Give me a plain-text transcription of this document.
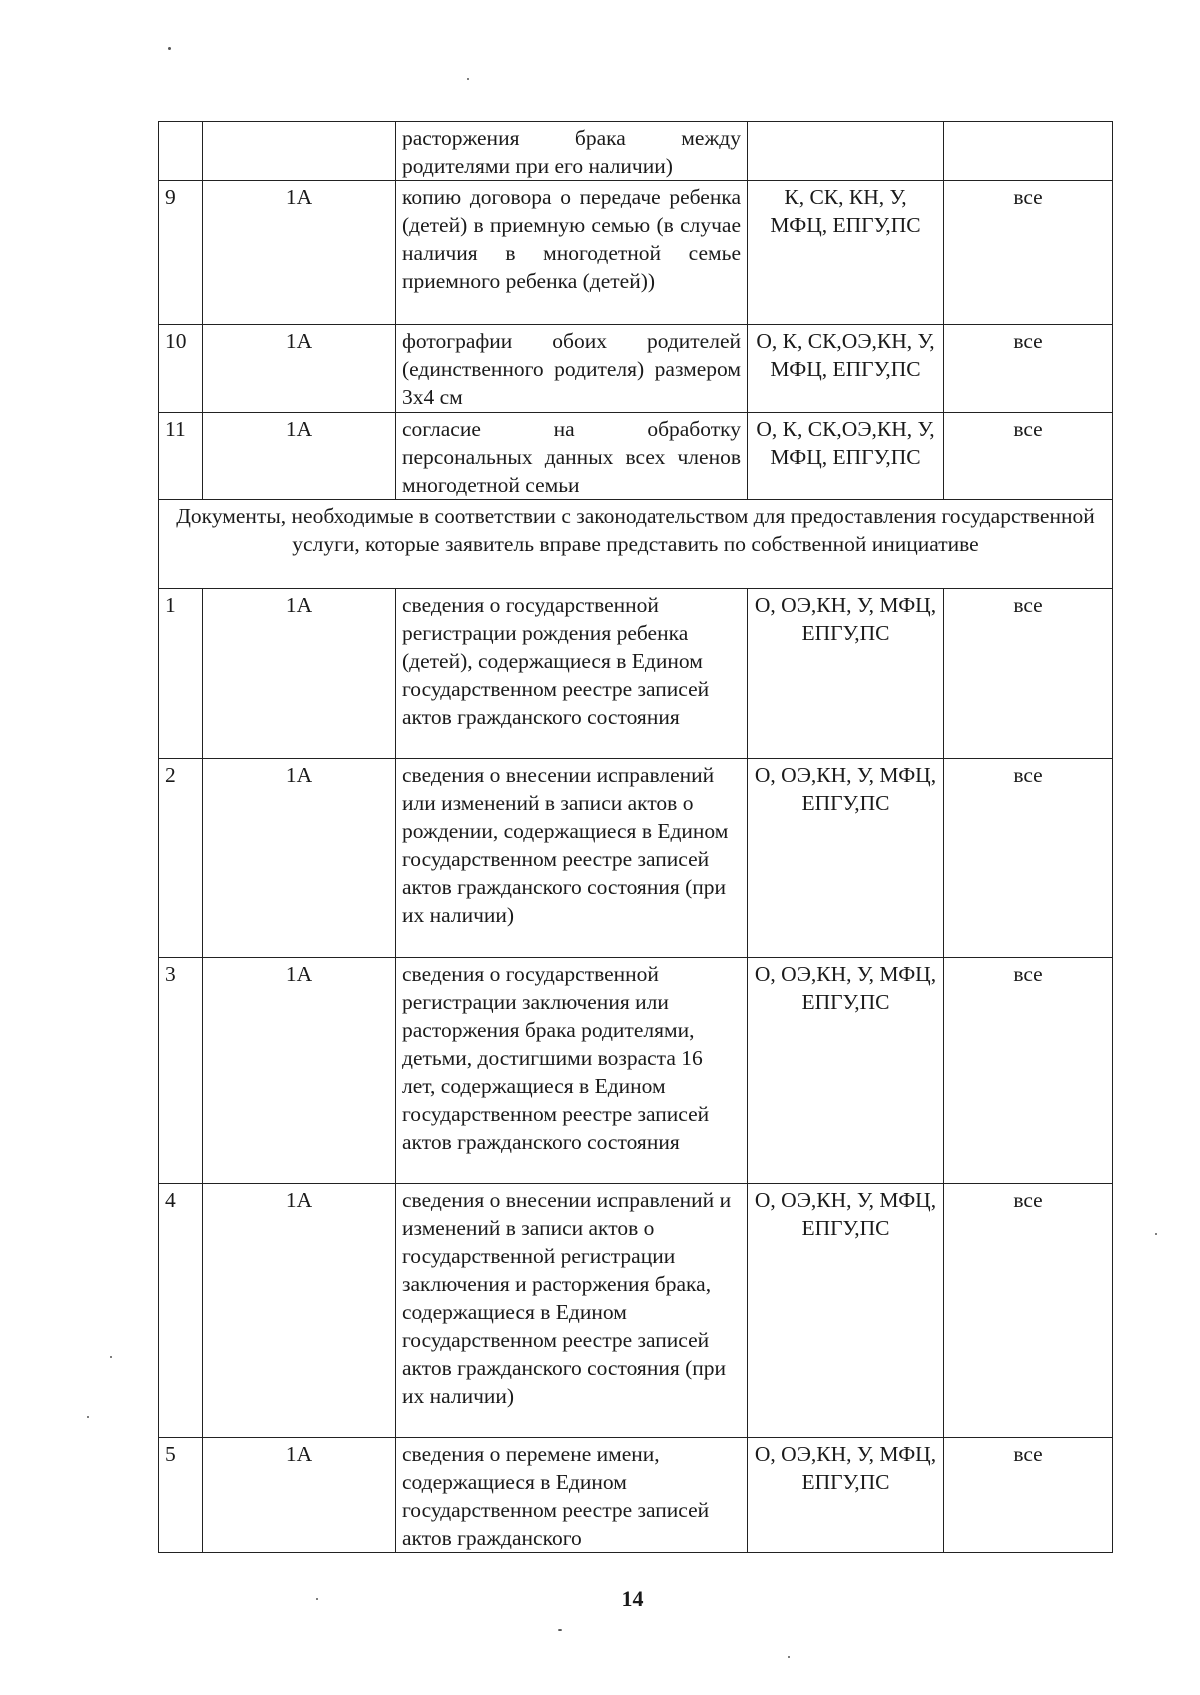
		расторжения брака между родителями при его наличии)		
9	1А	копию договора о передаче ребенка (детей) в приемную семью (в случае наличия в многодетной семье приемного ребенка (детей))	К, СК, КН, У, МФЦ, ЕПГУ,ПС	все
10	1А	фотографии обоих родителей (единственного родителя) размером 3х4 см	О, К, СК,ОЭ,КН, У, МФЦ, ЕПГУ,ПС	все
11	1А	согласие на обработку персональных данных всех членов многодетной семьи	О, К, СК,ОЭ,КН, У, МФЦ, ЕПГУ,ПС	все
Документы, необходимые в соответствии с законодательством для предоставления государственной услуги, которые заявитель вправе представить по собственной инициативе				
1	1А	сведения о государственной регистрации рождения ребенка (детей), содержащиеся в Едином государственном реестре записей актов гражданского состояния	О, ОЭ,КН, У, МФЦ, ЕПГУ,ПС	все
2	1А	сведения о внесении исправлений или изменений в записи актов о рождении, содержащиеся в Едином государственном реестре записей актов гражданского состояния (при их наличии)	О, ОЭ,КН, У, МФЦ, ЕПГУ,ПС	все
3	1А	сведения о государственной регистрации заключения или расторжения брака родителями, детьми, достигшими возраста 16 лет, содержащиеся в Едином государственном реестре записей актов гражданского состояния	О, ОЭ,КН, У, МФЦ, ЕПГУ,ПС	все
4	1А	сведения о внесении исправлений и изменений в записи актов о государственной регистрации заключения и расторжения брака, содержащиеся в Едином государственном реестре записей актов гражданского состояния (при их наличии)	О, ОЭ,КН, У, МФЦ, ЕПГУ,ПС	все
5	1А	сведения о перемене имени, содержащиеся в Едином государственном реестре записей актов гражданского	О, ОЭ,КН, У, МФЦ, ЕПГУ,ПС	все
14
